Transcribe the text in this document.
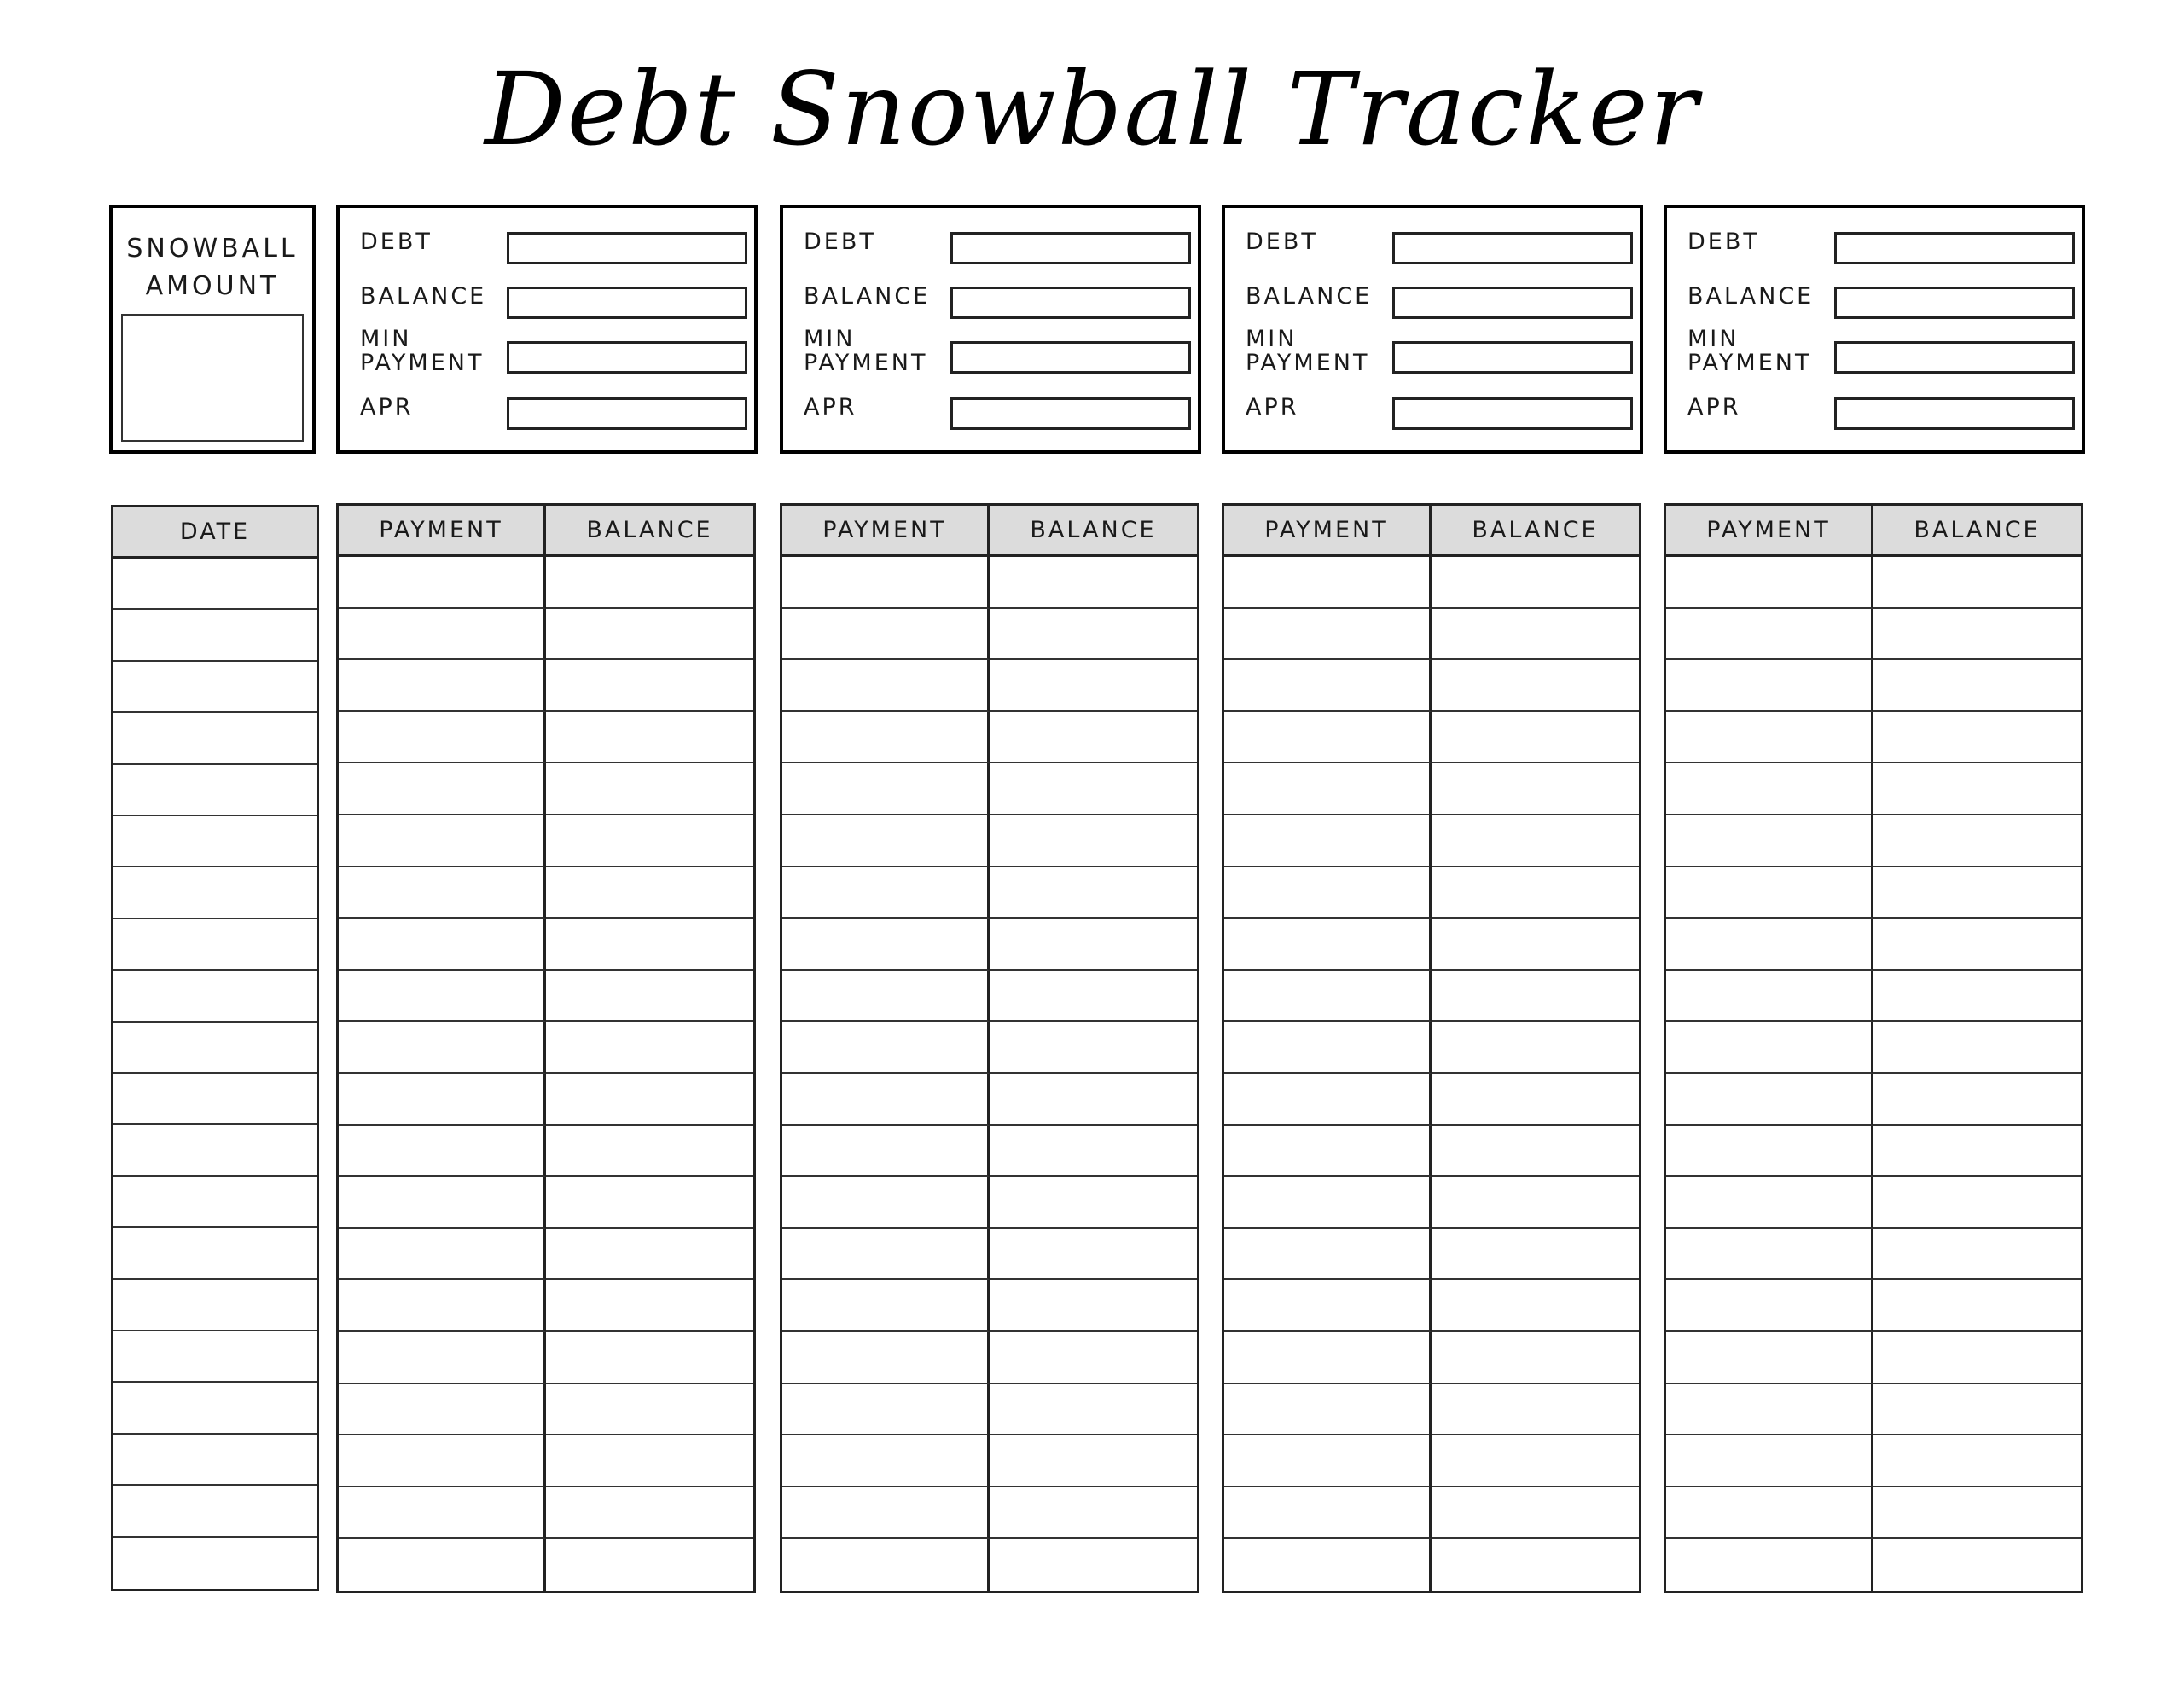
Debt Snowball Tracker
SNOWBALL
AMOUNT
DEBT
BALANCE
MIN
PAYMENT
APR
DEBT
BALANCE
MIN
PAYMENT
APR
DEBT
BALANCE
MIN
PAYMENT
APR
DEBT
BALANCE
MIN
PAYMENT
APR
DATE	PAYMENT	BALANCE	PAYMENT	BALANCE	PAYMENT	BALANCE	PAYMENT	BALANCE
